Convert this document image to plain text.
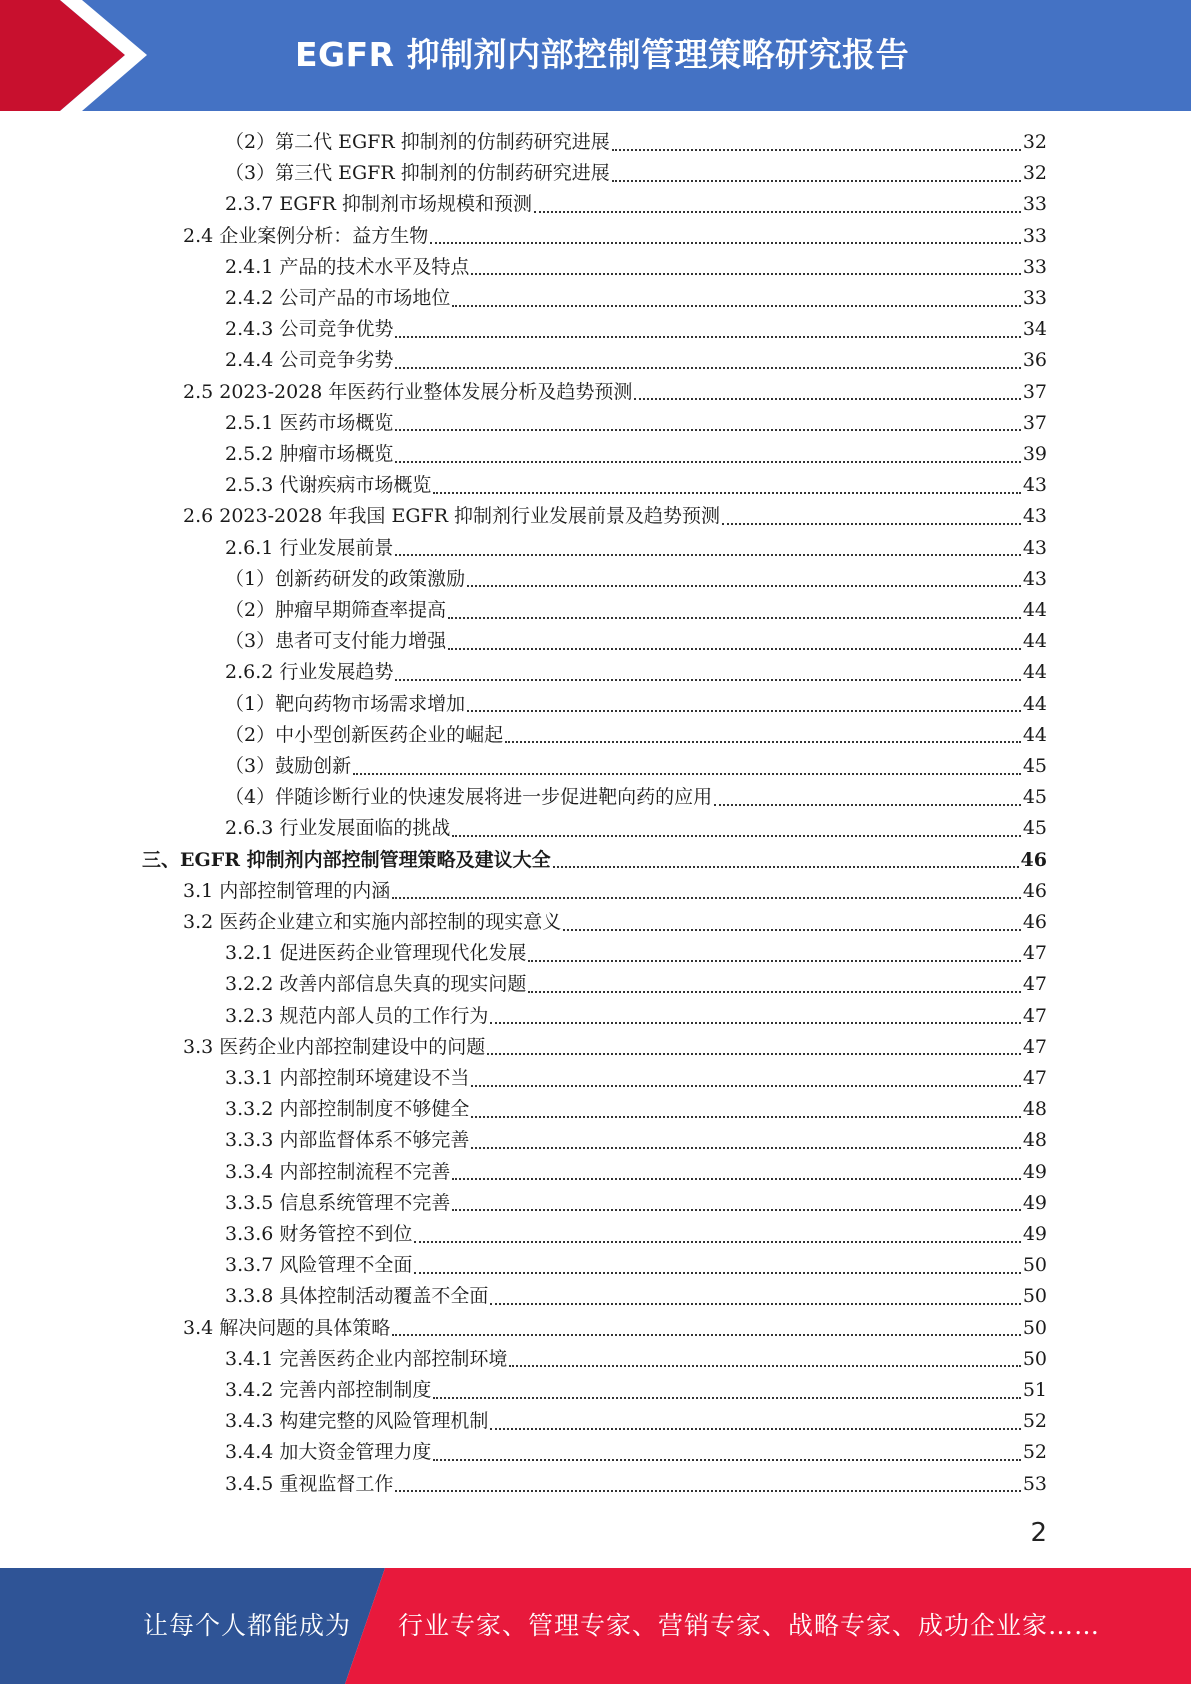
EGFR 抑制剂内部控制管理策略研究报告
（2）第二代 EGFR 抑制剂的仿制药研究进展	32
（3）第三代 EGFR 抑制剂的仿制药研究进展	32
2.3.7 EGFR 抑制剂市场规模和预测	33
2.4 企业案例分析：益方生物	33
2.4.1 产品的技术水平及特点	33
2.4.2 公司产品的市场地位	33
2.4.3 公司竞争优势	34
2.4.4 公司竞争劣势	36
2.5 2023-2028 年医药行业整体发展分析及趋势预测	37
2.5.1 医药市场概览	37
2.5.2 肿瘤市场概览	39
2.5.3 代谢疾病市场概览	43
2.6 2023-2028 年我国 EGFR 抑制剂行业发展前景及趋势预测	43
2.6.1 行业发展前景	43
（1）创新药研发的政策激励	43
（2）肿瘤早期筛查率提高	44
（3）患者可支付能力增强	44
2.6.2 行业发展趋势	44
（1）靶向药物市场需求增加	44
（2）中小型创新医药企业的崛起	44
（3）鼓励创新	45
（4）伴随诊断行业的快速发展将进一步促进靶向药的应用	45
2.6.3 行业发展面临的挑战	45
三、EGFR 抑制剂内部控制管理策略及建议大全	46
3.1 内部控制管理的内涵	46
3.2 医药企业建立和实施内部控制的现实意义	46
3.2.1 促进医药企业管理现代化发展	47
3.2.2 改善内部信息失真的现实问题	47
3.2.3 规范内部人员的工作行为	47
3.3 医药企业内部控制建设中的问题	47
3.3.1 内部控制环境建设不当	47
3.3.2 内部控制制度不够健全	48
3.3.3 内部监督体系不够完善	48
3.3.4 内部控制流程不完善	49
3.3.5 信息系统管理不完善	49
3.3.6 财务管控不到位	49
3.3.7 风险管理不全面	50
3.3.8 具体控制活动覆盖不全面	50
3.4 解决问题的具体策略	50
3.4.1 完善医药企业内部控制环境	50
3.4.2 完善内部控制制度	51
3.4.3 构建完整的风险管理机制	52
3.4.4 加大资金管理力度	52
3.4.5 重视监督工作	53
2
让每个人都能成为 行业专家、管理专家、营销专家、战略专家、成功企业家……
